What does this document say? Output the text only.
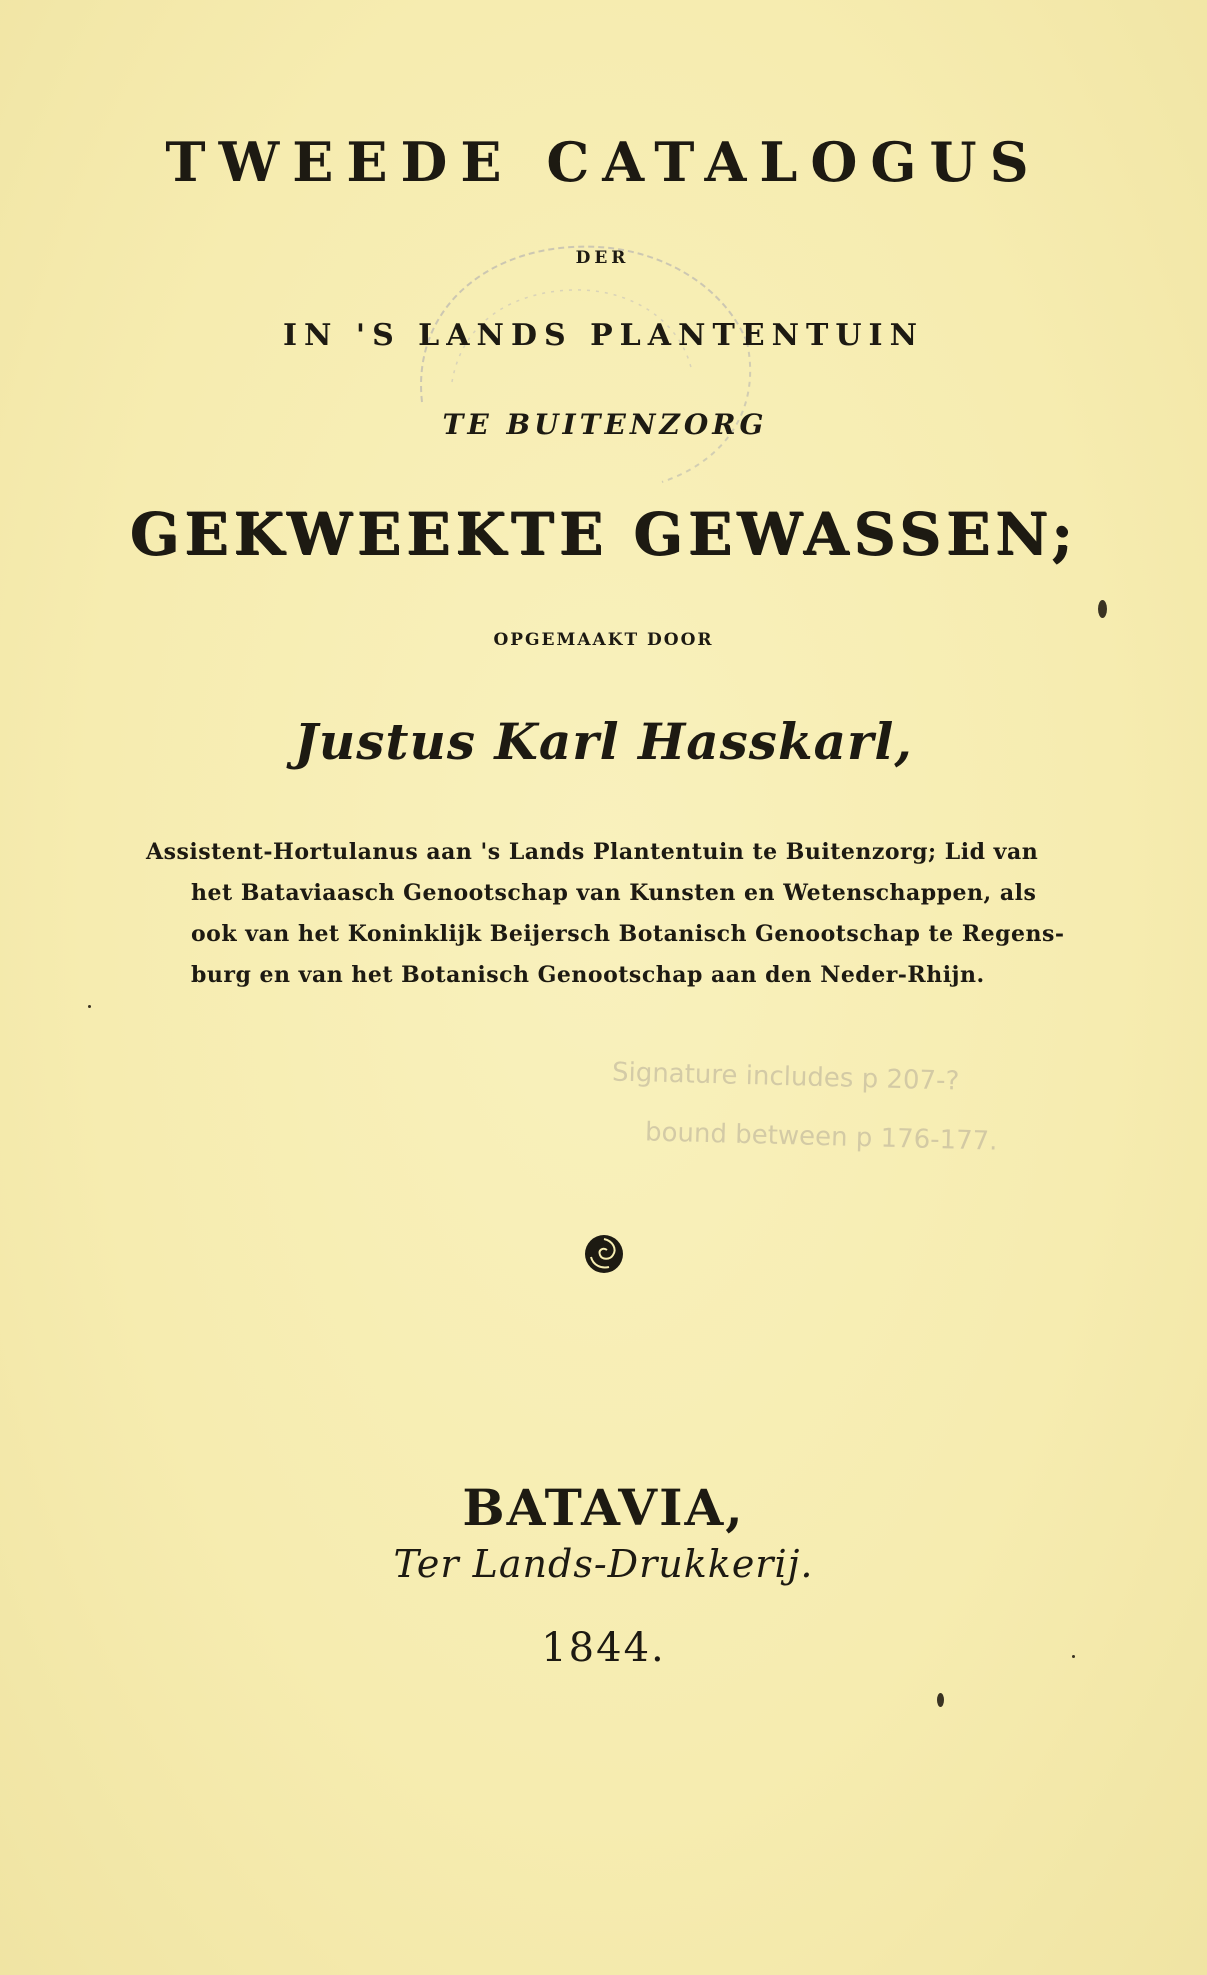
TWEEDE CATALOGUS
DER
IN 'S LANDS PLANTENTUIN
TE BUITENZORG
GEKWEEKTE GEWASSEN;
OPGEMAAKT DOOR
Justus Karl Hasskarl,
Assistent-Hortulanus aan 's Lands Plantentuin te Buitenzorg; Lid van
het Bataviaasch Genootschap van Kunsten en Wetenschappen, als
ook van het Koninklijk Beijersch Botanisch Genootschap te Regens-
burg en van het Botanisch Genootschap aan den Neder-Rhijn.
Signature includes p 207-?
bound between p 176-177.
BATAVIA,
Ter Lands-Drukkerij.
1844.
